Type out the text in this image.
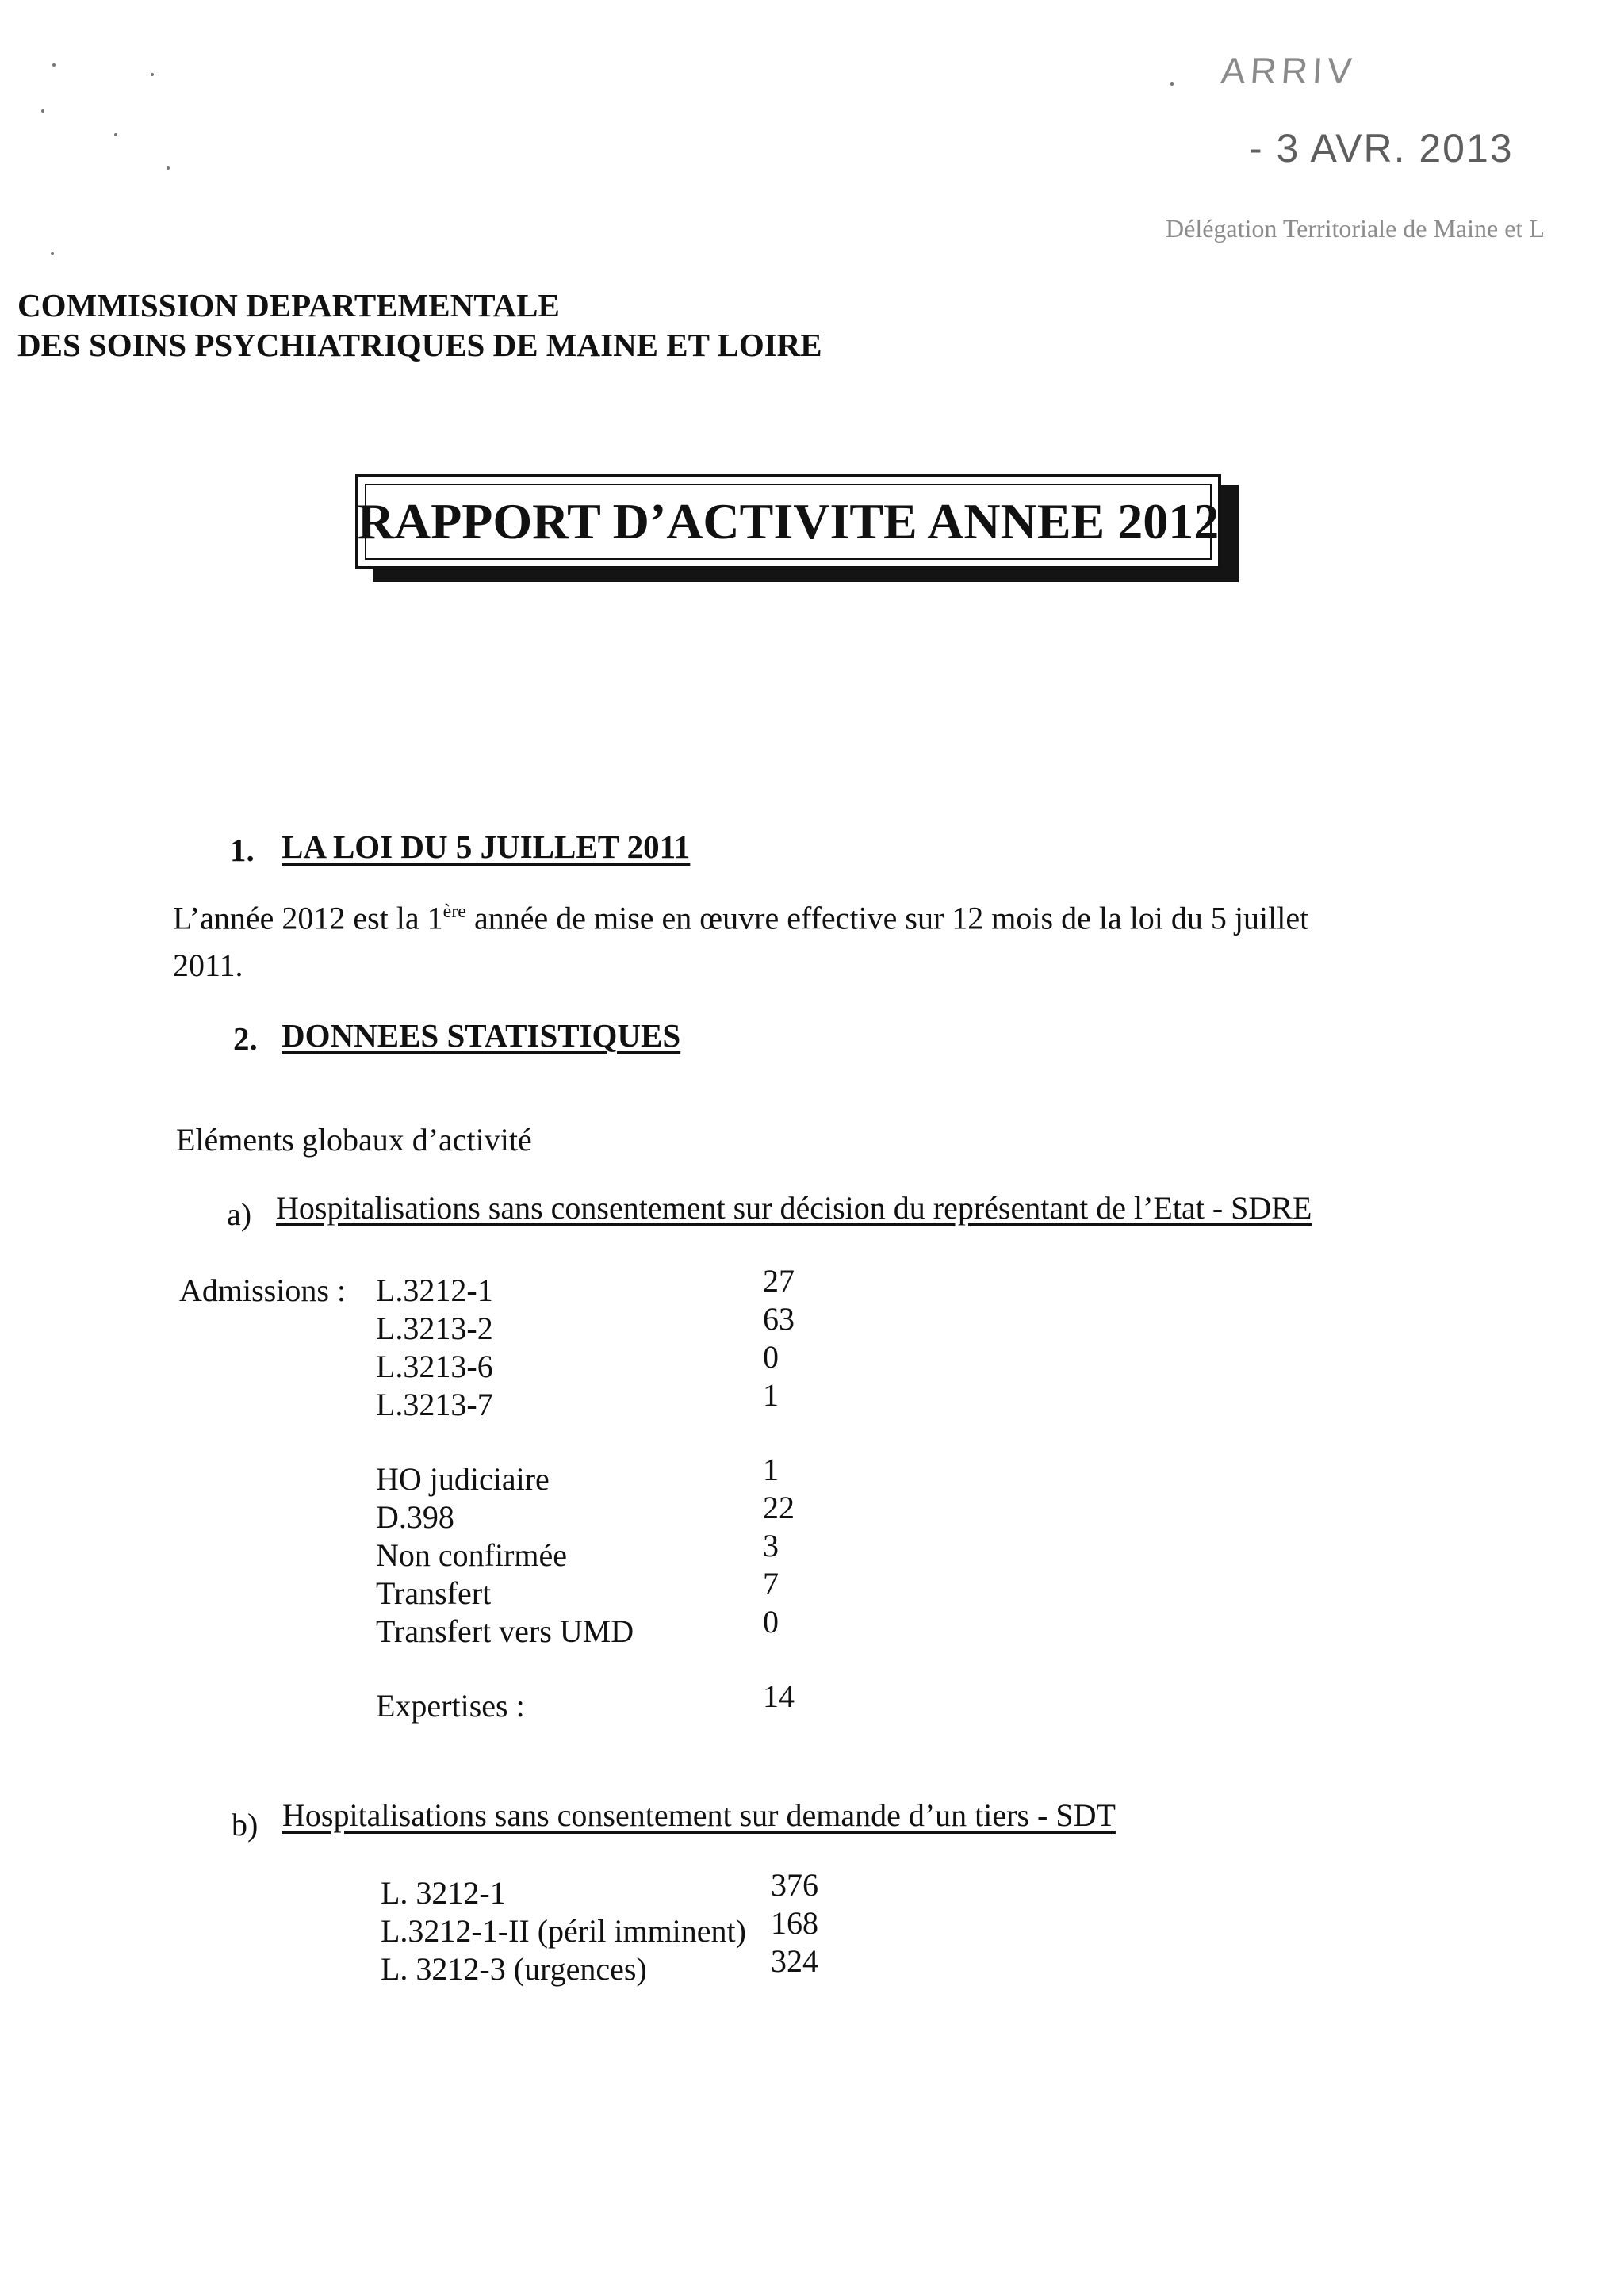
ARRIV
- 3 AVR. 2013
Délégation Territoriale de Maine et L
COMMISSION DEPARTEMENTALE
DES SOINS PSYCHIATRIQUES DE MAINE ET LOIRE
RAPPORT D’ACTIVITE ANNEE 2012
1. LA LOI DU 5 JUILLET 2011
L’année 2012 est la 1ère année de mise en œuvre effective sur 12 mois de la loi du 5 juillet
2011.
2. DONNEES STATISTIQUES
Eléments globaux d’activité
a) Hospitalisations sans consentement sur décision du représentant de l’Etat - SDRE
Admissions : L.3212-1	27
L.3213-2	63
L.3213-6	0
L.3213-7	1
HO judiciaire	1
D.398	22
Non confirmée	3
Transfert	7
Transfert vers UMD	0
Expertises :	14
b) Hospitalisations sans consentement sur demande d’un tiers - SDT
L. 3212-1	376
L.3212-1-II (péril imminent) 168
L. 3212-3 (urgences)	324
